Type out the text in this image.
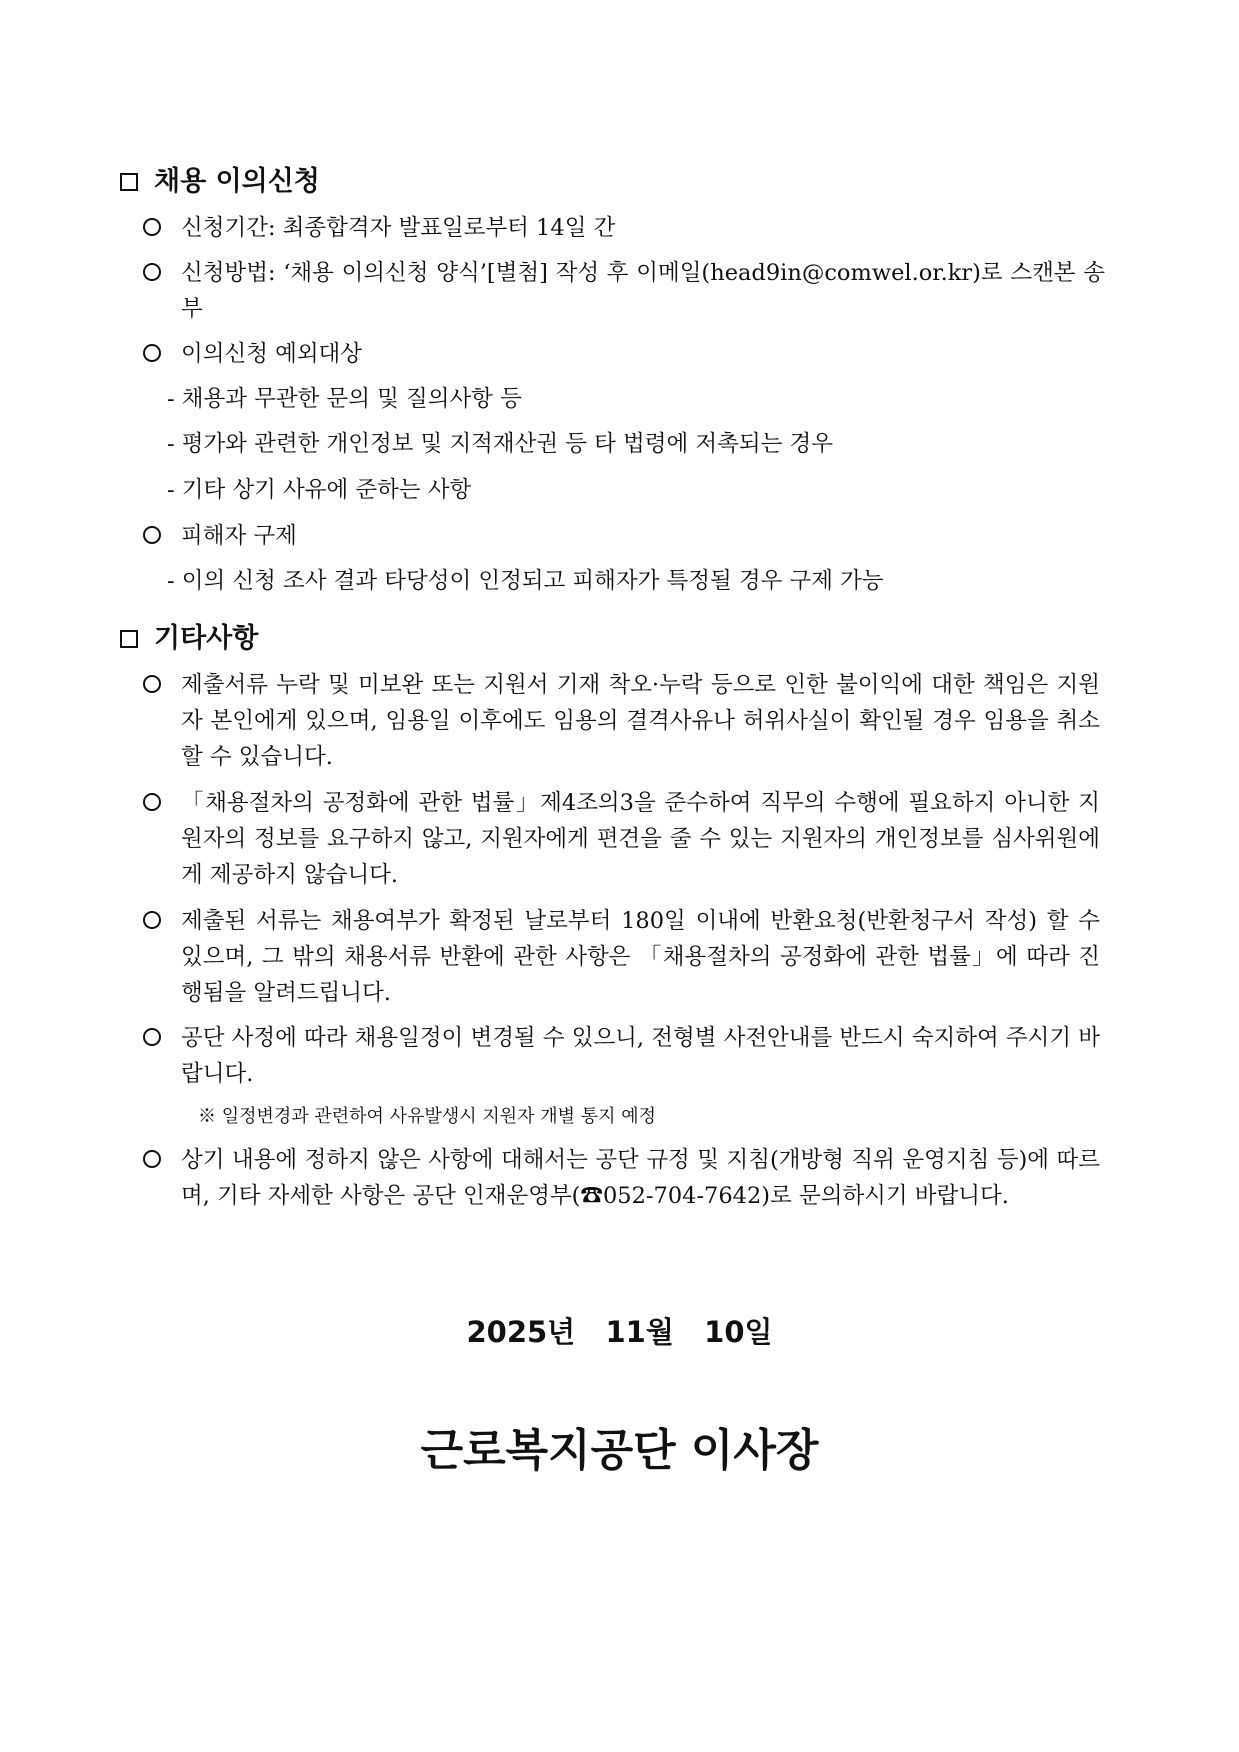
채용 이의신청
신청기간: 최종합격자 발표일로부터 14일 간
신청방법: ‘채용 이의신청 양식’[별첨] 작성 후 이메일(head9in@comwel.or.kr)로 스캔본 송부
이의신청 예외대상
- 채용과 무관한 문의 및 질의사항 등
- 평가와 관련한 개인정보 및 지적재산권 등 타 법령에 저촉되는 경우
- 기타 상기 사유에 준하는 사항
피해자 구제
- 이의 신청 조사 결과 타당성이 인정되고 피해자가 특정될 경우 구제 가능
기타사항
제출서류 누락 및 미보완 또는 지원서 기재 착오·누락 등으로 인한 불이익에 대한 책임은 지원자 본인에게 있으며, 임용일 이후에도 임용의 결격사유나 허위사실이 확인될 경우 임용을 취소할 수 있습니다.
「채용절차의 공정화에 관한 법률」제4조의3을 준수하여 직무의 수행에 필요하지 아니한 지원자의 정보를 요구하지 않고, 지원자에게 편견을 줄 수 있는 지원자의 개인정보를 심사위원에게 제공하지 않습니다.
제출된 서류는 채용여부가 확정된 날로부터 180일 이내에 반환요청(반환청구서 작성) 할 수 있으며, 그 밖의 채용서류 반환에 관한 사항은 「채용절차의 공정화에 관한 법률」에 따라 진행됨을 알려드립니다.
공단 사정에 따라 채용일정이 변경될 수 있으니, 전형별 사전안내를 반드시 숙지하여 주시기 바랍니다.
※ 일정변경과 관련하여 사유발생시 지원자 개별 통지 예정
상기 내용에 정하지 않은 사항에 대해서는 공단 규정 및 지침(개방형 직위 운영지침 등)에 따르며, 기타 자세한 사항은 공단 인재운영부(☎052-704-7642)로 문의하시기 바랍니다.
2025년   11월   10일
근로복지공단 이사장
